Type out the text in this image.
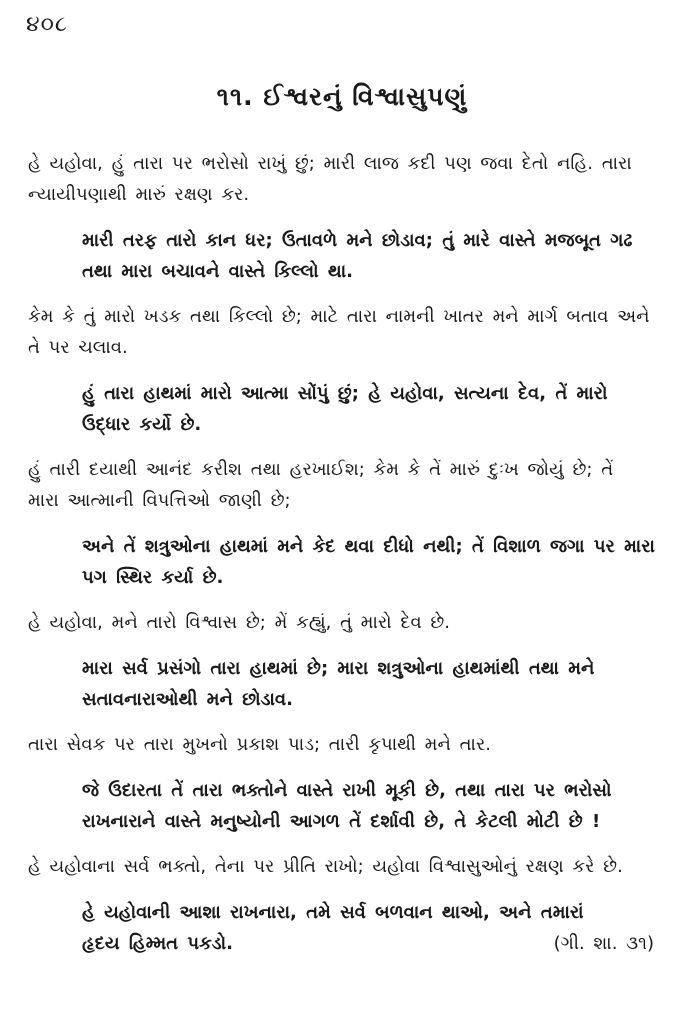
૪૦૮

૧૧. ઈશ્વરનું વિશ્વાસુપણું

હે યહોવા, હું તારા પર ભરોસો રાખું છું; મારી લાજ કદી પણ જવા દેતો નહિ. તારા ન્યાયીપણાથી મારું રક્ષણ કર.

મારી તરફ તારો કાન ધર; ઉતાવળે મને છોડાવ; તું મારે વાસ્તે મજબૂત ગઢ તથા મારા બચાવને વાસ્તે કિલ્લો થા.

કેમ કે તું મારો ખડક તથા કિલ્લો છે; માટે તારા નામની ખાતર મને માર્ગ બતાવ અને તે પર ચલાવ.

હું તારા હાથમાં મારો આત્મા સોંપું છું; હે યહોવા, સત્યના દેવ, તેં મારો ઉદ્ધાર કર્યો છે.

હું તારી દયાથી આનંદ કરીશ તથા હરખાઈશ; કેમ કે તેં મારું દુઃખ જોયું છે; તેં મારા આત્માની વિપત્તિઓ જાણી છે;

અને તેં શત્રુઓના હાથમાં મને કેદ થવા દીધો નથી; તેં વિશાળ જગા પર મારા પગ સ્થિર કર્યા છે.

હે યહોવા, મને તારો વિશ્વાસ છે; મેં કહ્યું, તું મારો દેવ છે.

મારા સર્વ પ્રસંગો તારા હાથમાં છે; મારા શત્રુઓના હાથમાંથી તથા મને સતાવનારાઓથી મને છોડાવ.

તારા સેવક પર તારા મુખનો પ્રકાશ પાડ; તારી કૃપાથી મને તાર.

જે ઉદારતા તેં તારા ભક્તોને વાસ્તે રાખી મૂકી છે, તથા તારા પર ભરોસો રાખનારાને વાસ્તે મનુષ્યોની આગળ તેં દર્શાવી છે, તે કેટલી મોટી છે !

હે યહોવાના સર્વ ભક્તો, તેના પર પ્રીતિ રાખો; યહોવા વિશ્વાસુઓનું રક્ષણ કરે છે.

હે યહોવાની આશા રાખનારા, તમે સર્વ બળવાન થાઓ, અને તમારાં
હૃદય હિમ્મત પકડો.	(ગી. શા. ૩૧)
